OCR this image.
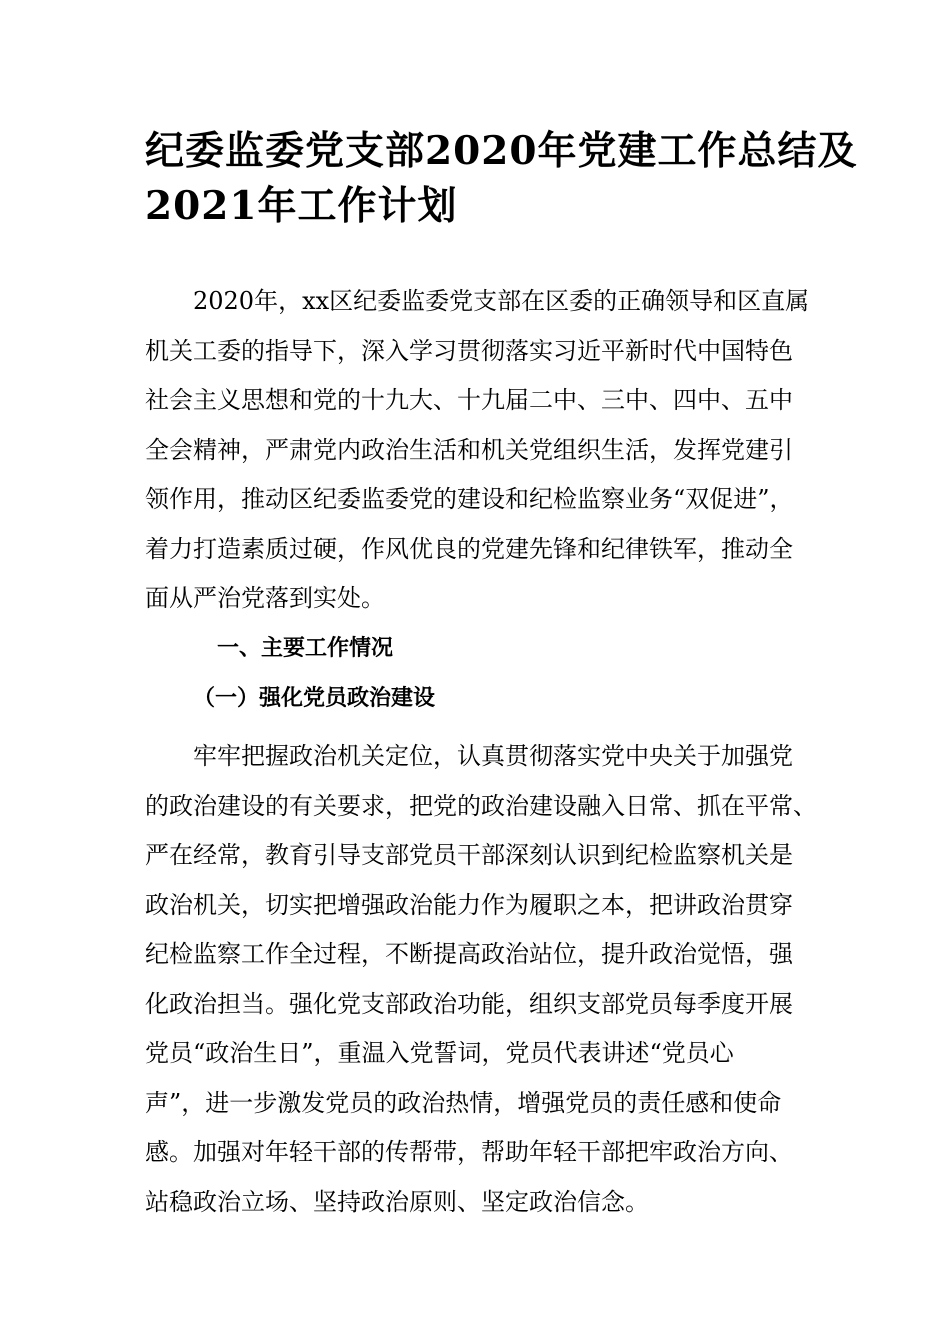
纪委监委党支部2020年党建工作总结及
2021年工作计划
2020年，xx区纪委监委党支部在区委的正确领导和区直属
机关工委的指导下，深入学习贯彻落实习近平新时代中国特色
社会主义思想和党的十九大、十九届二中、三中、四中、五中
全会精神，严肃党内政治生活和机关党组织生活，发挥党建引
领作用，推动区纪委监委党的建设和纪检监察业务“双促进”，
着力打造素质过硬，作风优良的党建先锋和纪律铁军，推动全
面从严治党落到实处。
一、主要工作情况
（一）强化党员政治建设
牢牢把握政治机关定位，认真贯彻落实党中央关于加强党
的政治建设的有关要求，把党的政治建设融入日常、抓在平常、
严在经常，教育引导支部党员干部深刻认识到纪检监察机关是
政治机关，切实把增强政治能力作为履职之本，把讲政治贯穿
纪检监察工作全过程，不断提高政治站位，提升政治觉悟，强
化政治担当。强化党支部政治功能，组织支部党员每季度开展
党员“政治生日”，重温入党誓词，党员代表讲述“党员心
声”，进一步激发党员的政治热情，增强党员的责任感和使命
感。加强对年轻干部的传帮带，帮助年轻干部把牢政治方向、
站稳政治立场、坚持政治原则、坚定政治信念。
